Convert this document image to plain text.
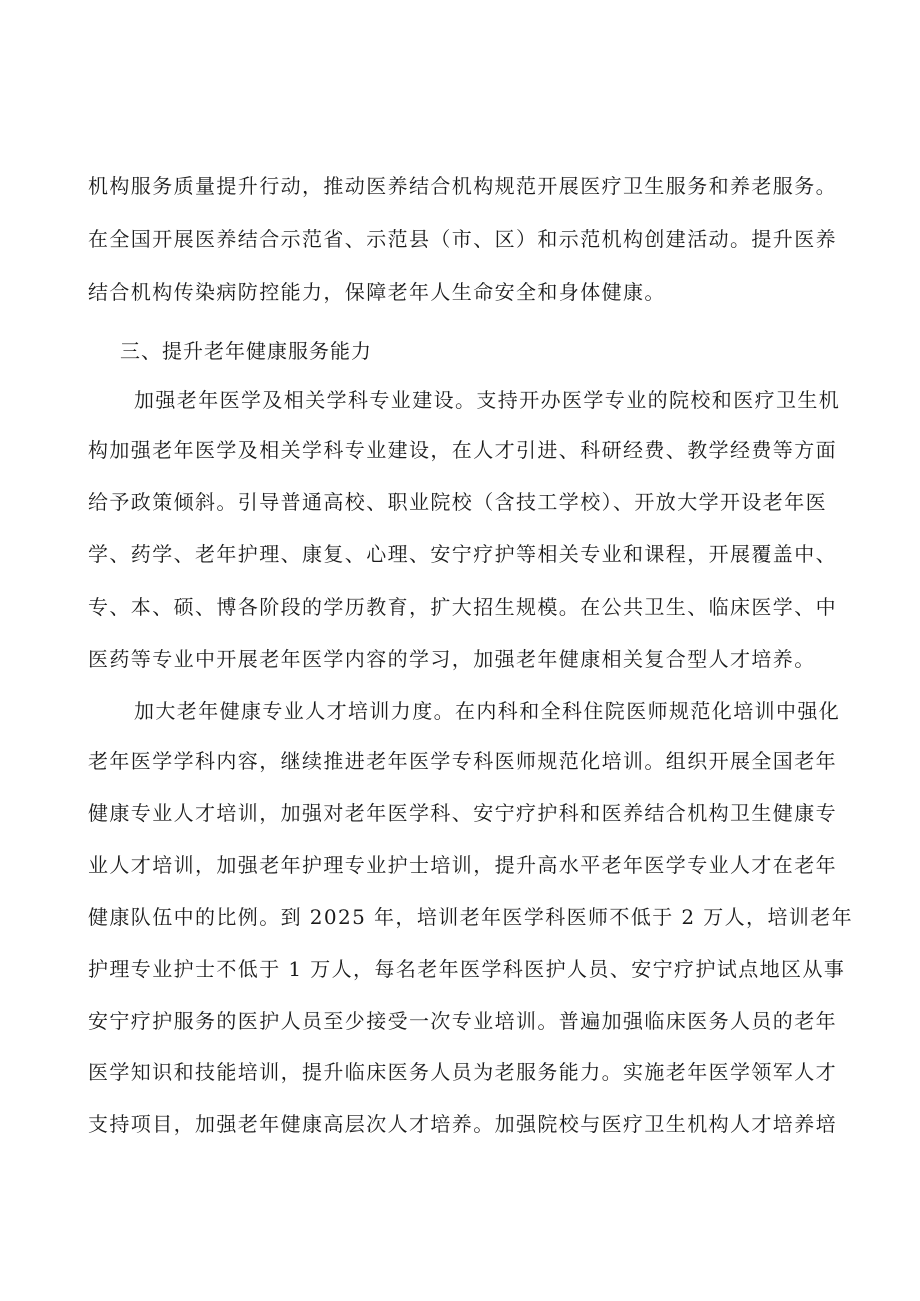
机构服务质量提升行动，推动医养结合机构规范开展医疗卫生服务和养老服务。
在全国开展医养结合示范省、示范县（市、区）和示范机构创建活动。提升医养
结合机构传染病防控能力，保障老年人生命安全和身体健康。
三、提升老年健康服务能力
加强老年医学及相关学科专业建设。支持开办医学专业的院校和医疗卫生机
构加强老年医学及相关学科专业建设，在人才引进、科研经费、教学经费等方面
给予政策倾斜。引导普通高校、职业院校（含技工学校）、开放大学开设老年医
学、药学、老年护理、康复、心理、安宁疗护等相关专业和课程，开展覆盖中、
专、本、硕、博各阶段的学历教育，扩大招生规模。在公共卫生、临床医学、中
医药等专业中开展老年医学内容的学习，加强老年健康相关复合型人才培养。
加大老年健康专业人才培训力度。在内科和全科住院医师规范化培训中强化
老年医学学科内容，继续推进老年医学专科医师规范化培训。组织开展全国老年
健康专业人才培训，加强对老年医学科、安宁疗护科和医养结合机构卫生健康专
业人才培训，加强老年护理专业护士培训，提升高水平老年医学专业人才在老年
健康队伍中的比例。到 2025 年，培训老年医学科医师不低于 2 万人，培训老年
护理专业护士不低于 1 万人，每名老年医学科医护人员、安宁疗护试点地区从事
安宁疗护服务的医护人员至少接受一次专业培训。普遍加强临床医务人员的老年
医学知识和技能培训，提升临床医务人员为老服务能力。实施老年医学领军人才
支持项目，加强老年健康高层次人才培养。加强院校与医疗卫生机构人才培养培
